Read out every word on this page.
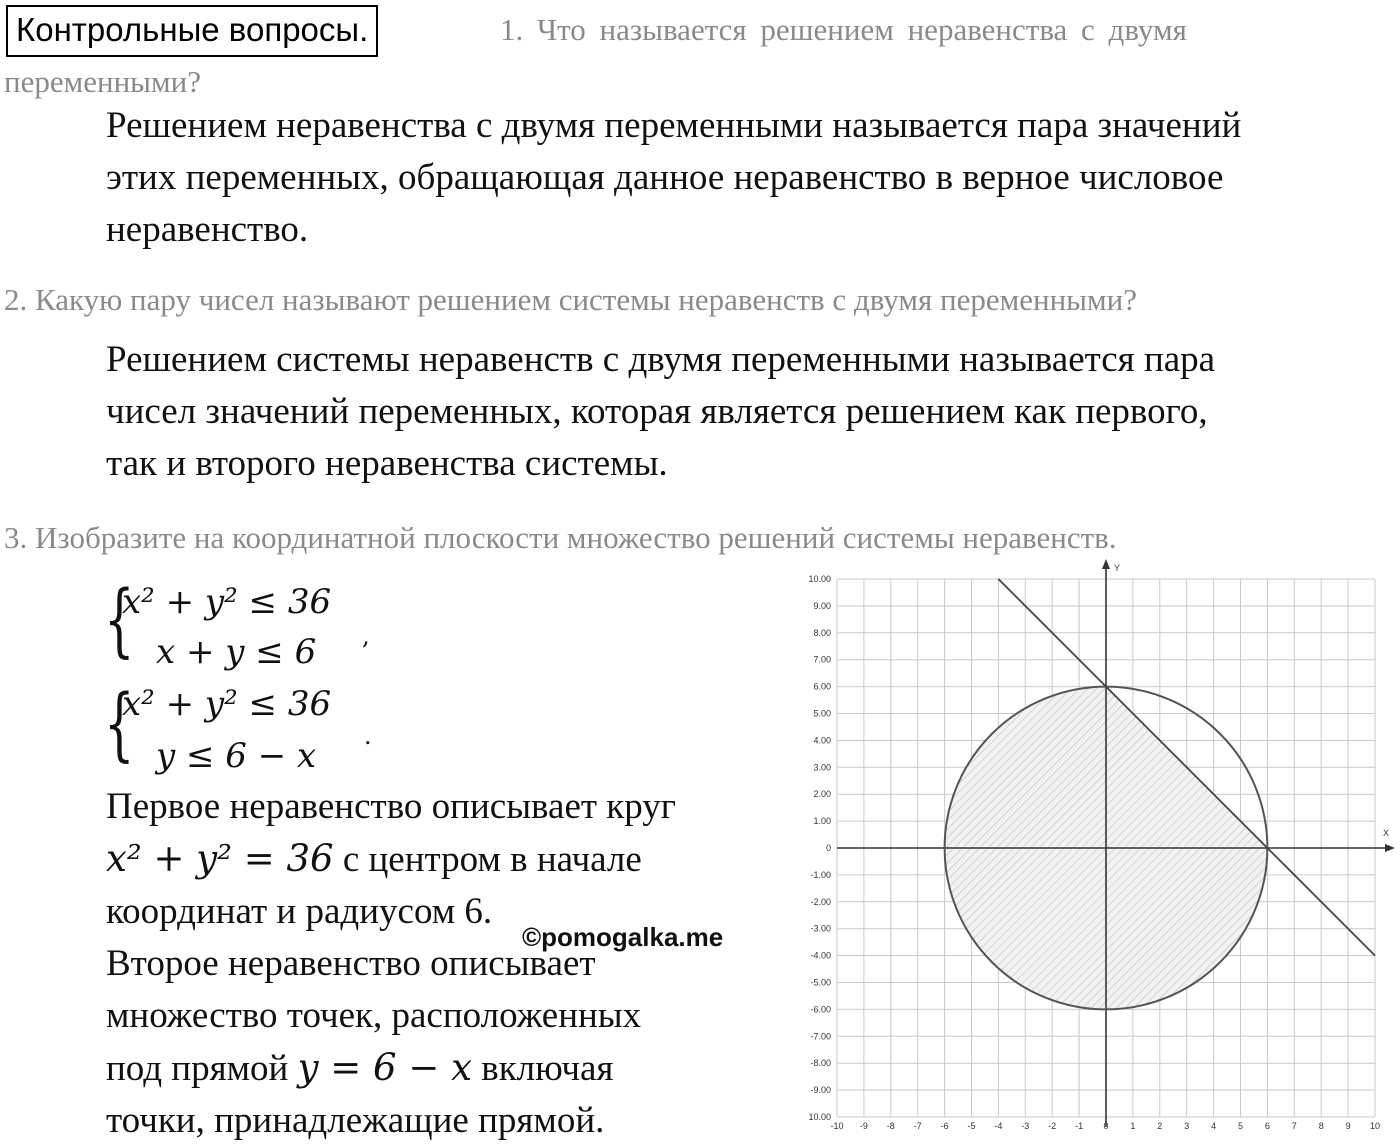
Контрольные вопросы.	1. Что называется решением неравенства с двумя
переменными?
Решением неравенства с двумя переменными называется пара значений
этих переменных, обращающая данное неравенство в верное числовое
неравенство.
2. Какую пару чисел называют решением системы неравенств с двумя переменными?
Решением системы неравенств с двумя переменными называется пара
чисел значений переменных, которая является решением как первого,
так и второго неравенства системы.
3. Изобразите на координатной плоскости множество решений системы неравенств.
{
x² + y² ≤ 36
x + y ≤ 6 ,
{
x² + y² ≤ 36
y ≤ 6 − x .
Первое неравенство описывает круг
x² + y² = 36 с центром в начале
координат и радиусом 6.
Второе неравенство описывает
множество точек, расположенных
под прямой y = 6 − x включая
точки, принадлежащие прямой.
©pomogalka.me
X
Y
-10 -9 -8 -7 -6 -5 -4 -3 -2 -1 0 1 2 3 4 5 6 7 8 9 10
10.00
9.00
8.00
7.00
6.00
5.00
4.00
3.00
2.00
1.00
0
-1.00
-2.00
-3.00
-4.00
-5.00
-6.00
-7.00
-8.00
-9.00
10.00
